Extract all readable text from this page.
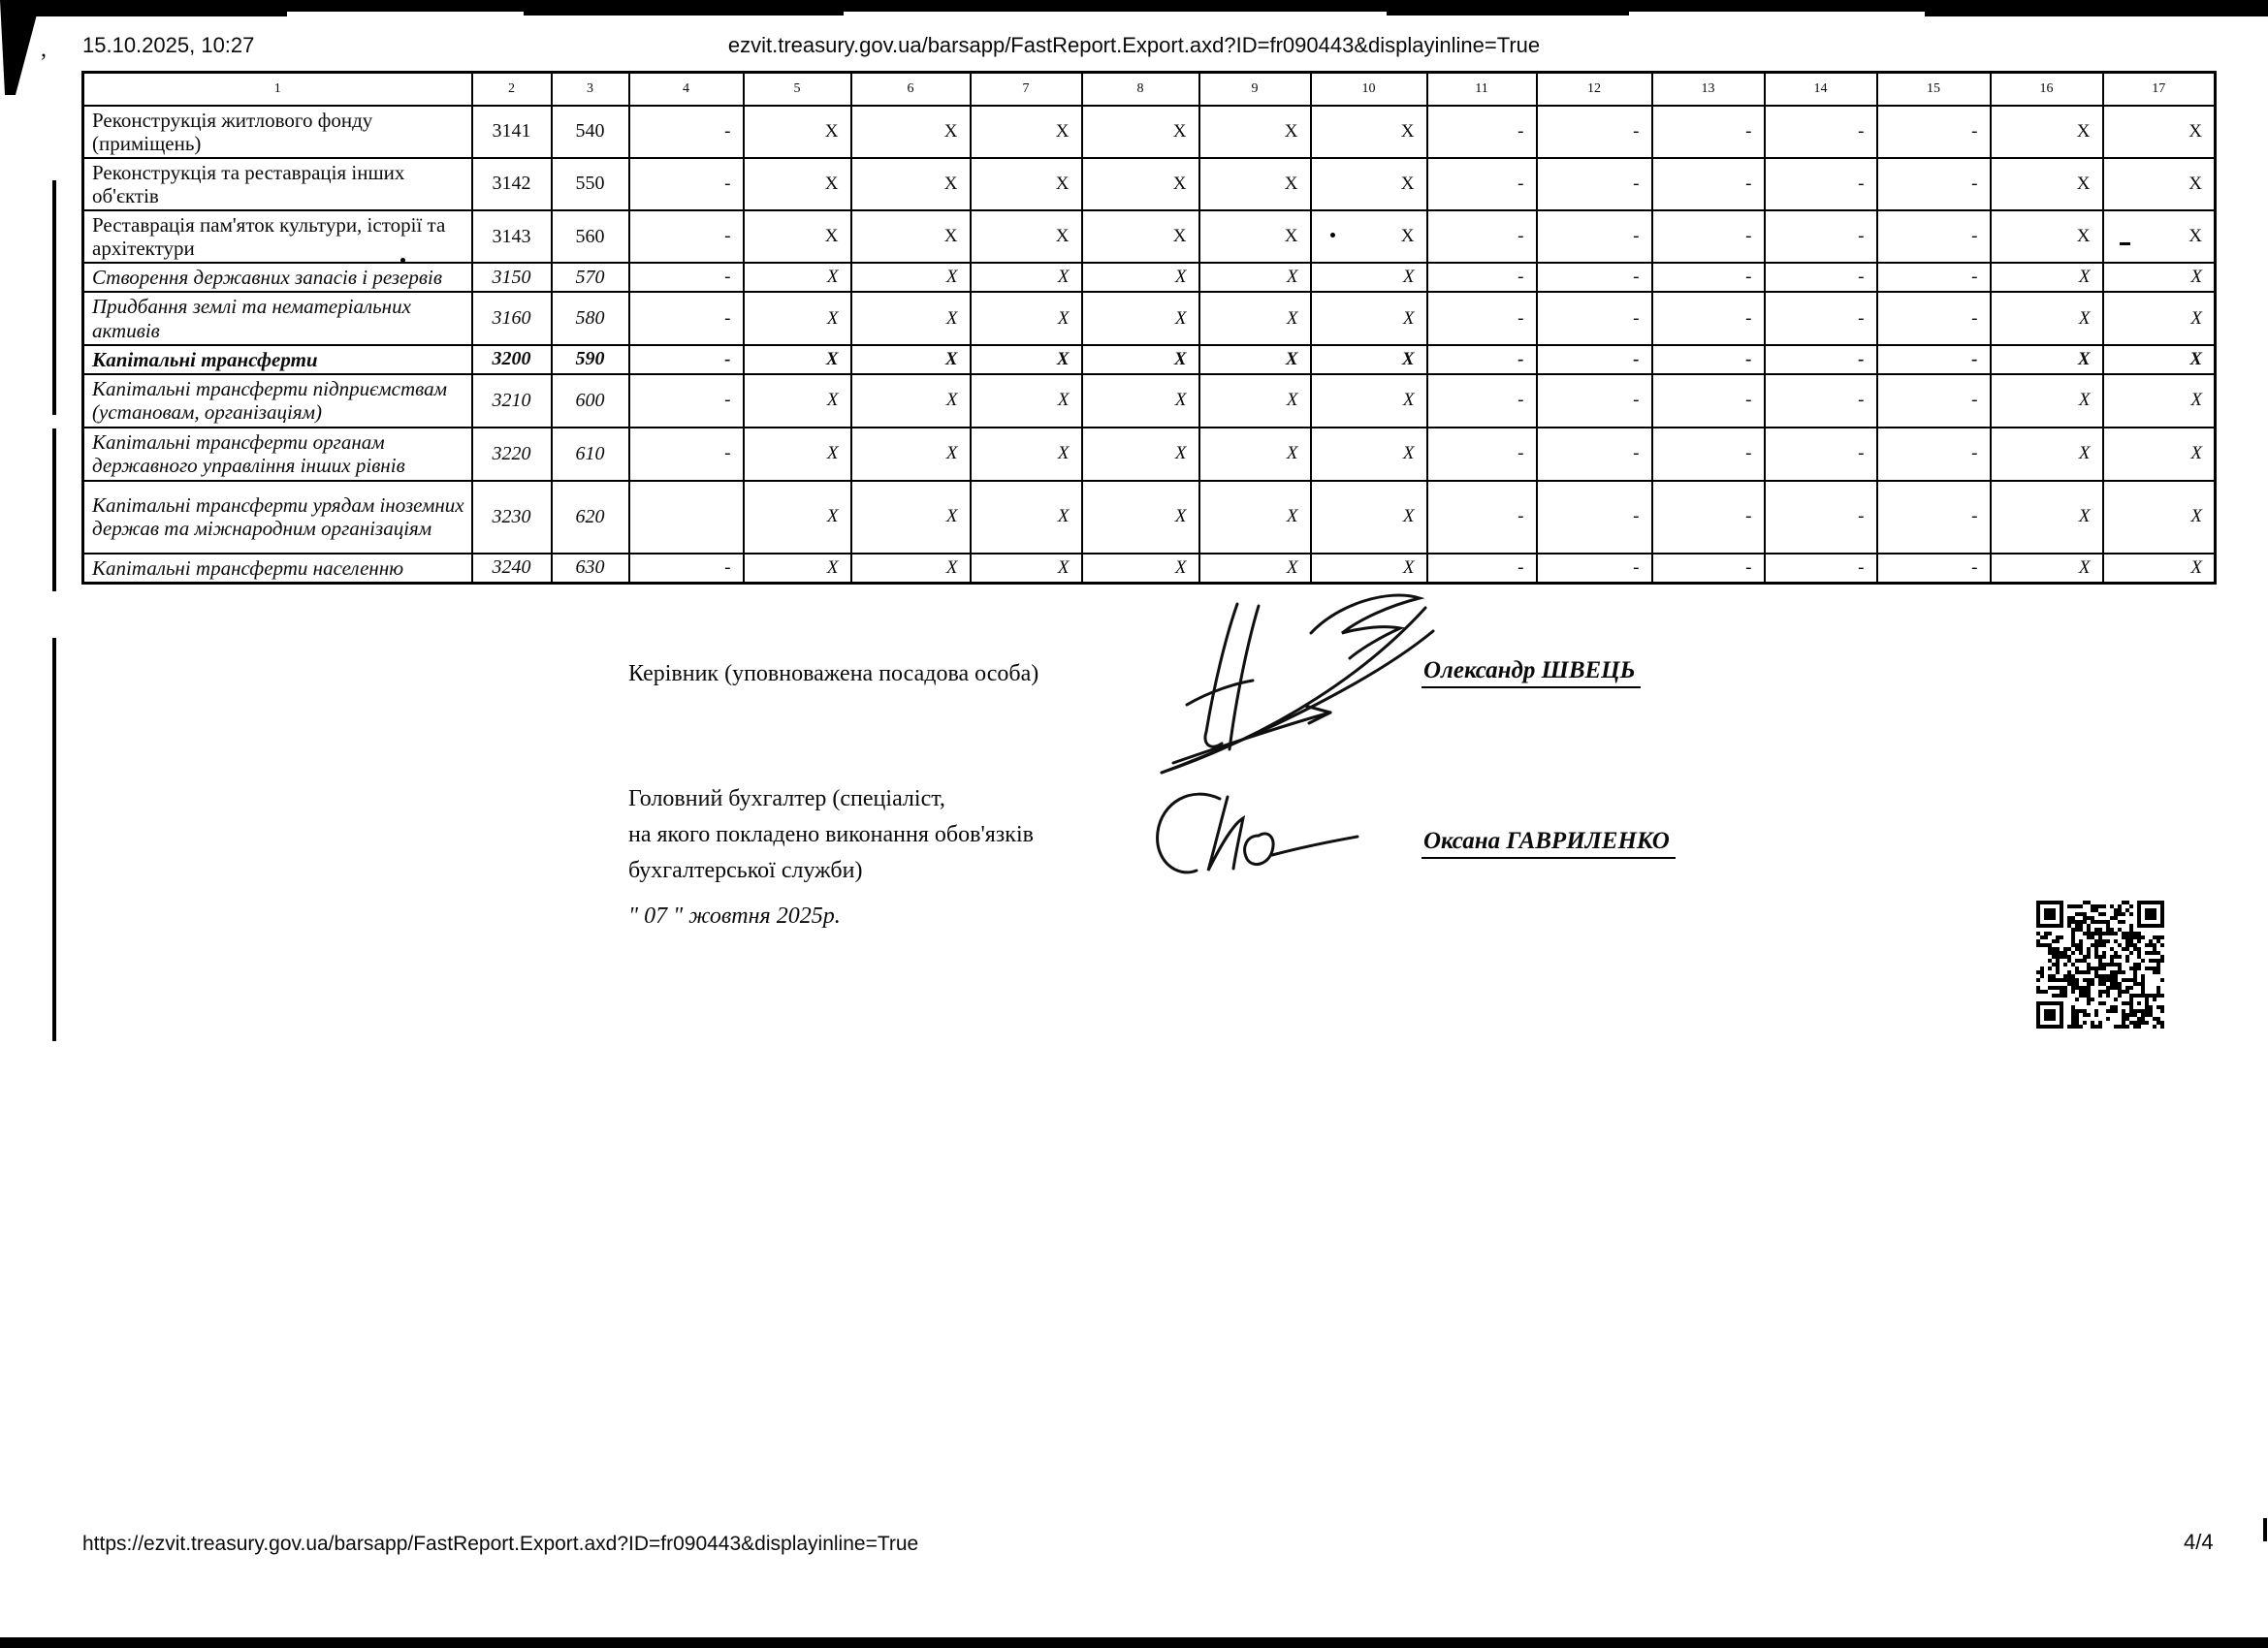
, 15.10.2025, 10:27	ezvit.treasury.gov.ua/barsapp/FastReport.Export.axd?ID=fr090443&displayinline=True
1	2	3	4	5	6	7	8	9	10	11	12	13	14	15	16	17
Реконструкція житлового фонду (приміщень)	3141	540	-	X	X	X	X	X	X	-	-	-	-	-	X	X
Реконструкція та реставрація інших об'єктів	3142	550	-	X	X	X	X	X	X	-	-	-	-	-	X	X
Реставрація пам'яток культури, історії та архітектури	3143	560	-	X	X	X	X	X	X	-	-	-	-	-	X	X
Створення державних запасів і резервів	3150	570	-	X	X	X	X	X	X	-	-	-	-	-	X	X
Придбання землі та нематеріальних активів	3160	580	-	X	X	X	X	X	X	-	-	-	-	-	X	X
Капітальні трансферти	3200	590	-	X	X	X	X	X	X	-	-	-	-	-	X	X
Капітальні трансферти підприємствам (установам, організаціям)	3210	600	-	X	X	X	X	X	X	-	-	-	-	-	X	X
Капітальні трансферти органам державного управління інших рівнів	3220	610	-	X	X	X	X	X	X	-	-	-	-	-	X	X
Капітальні трансферти урядам іноземних держав та міжнародним організаціям	3230	620		X	X	X	X	X	X	-	-	-	-	-	X	X
Капітальні трансферти населенню	3240	630	-	X	X	X	X	X	X	-	-	-	-	-	X	X
Керівник (уповноважена посадова особа)	Олександр ШВЕЦЬ
Головний бухгалтер (спеціаліст,
на якого покладено виконання обов'язків
бухгалтерської служби)
Оксана ГАВРИЛЕНКО
" 07 " жовтня 2025р.
https://ezvit.treasury.gov.ua/barsapp/FastReport.Export.axd?ID=fr090443&displayinline=True	4/4
